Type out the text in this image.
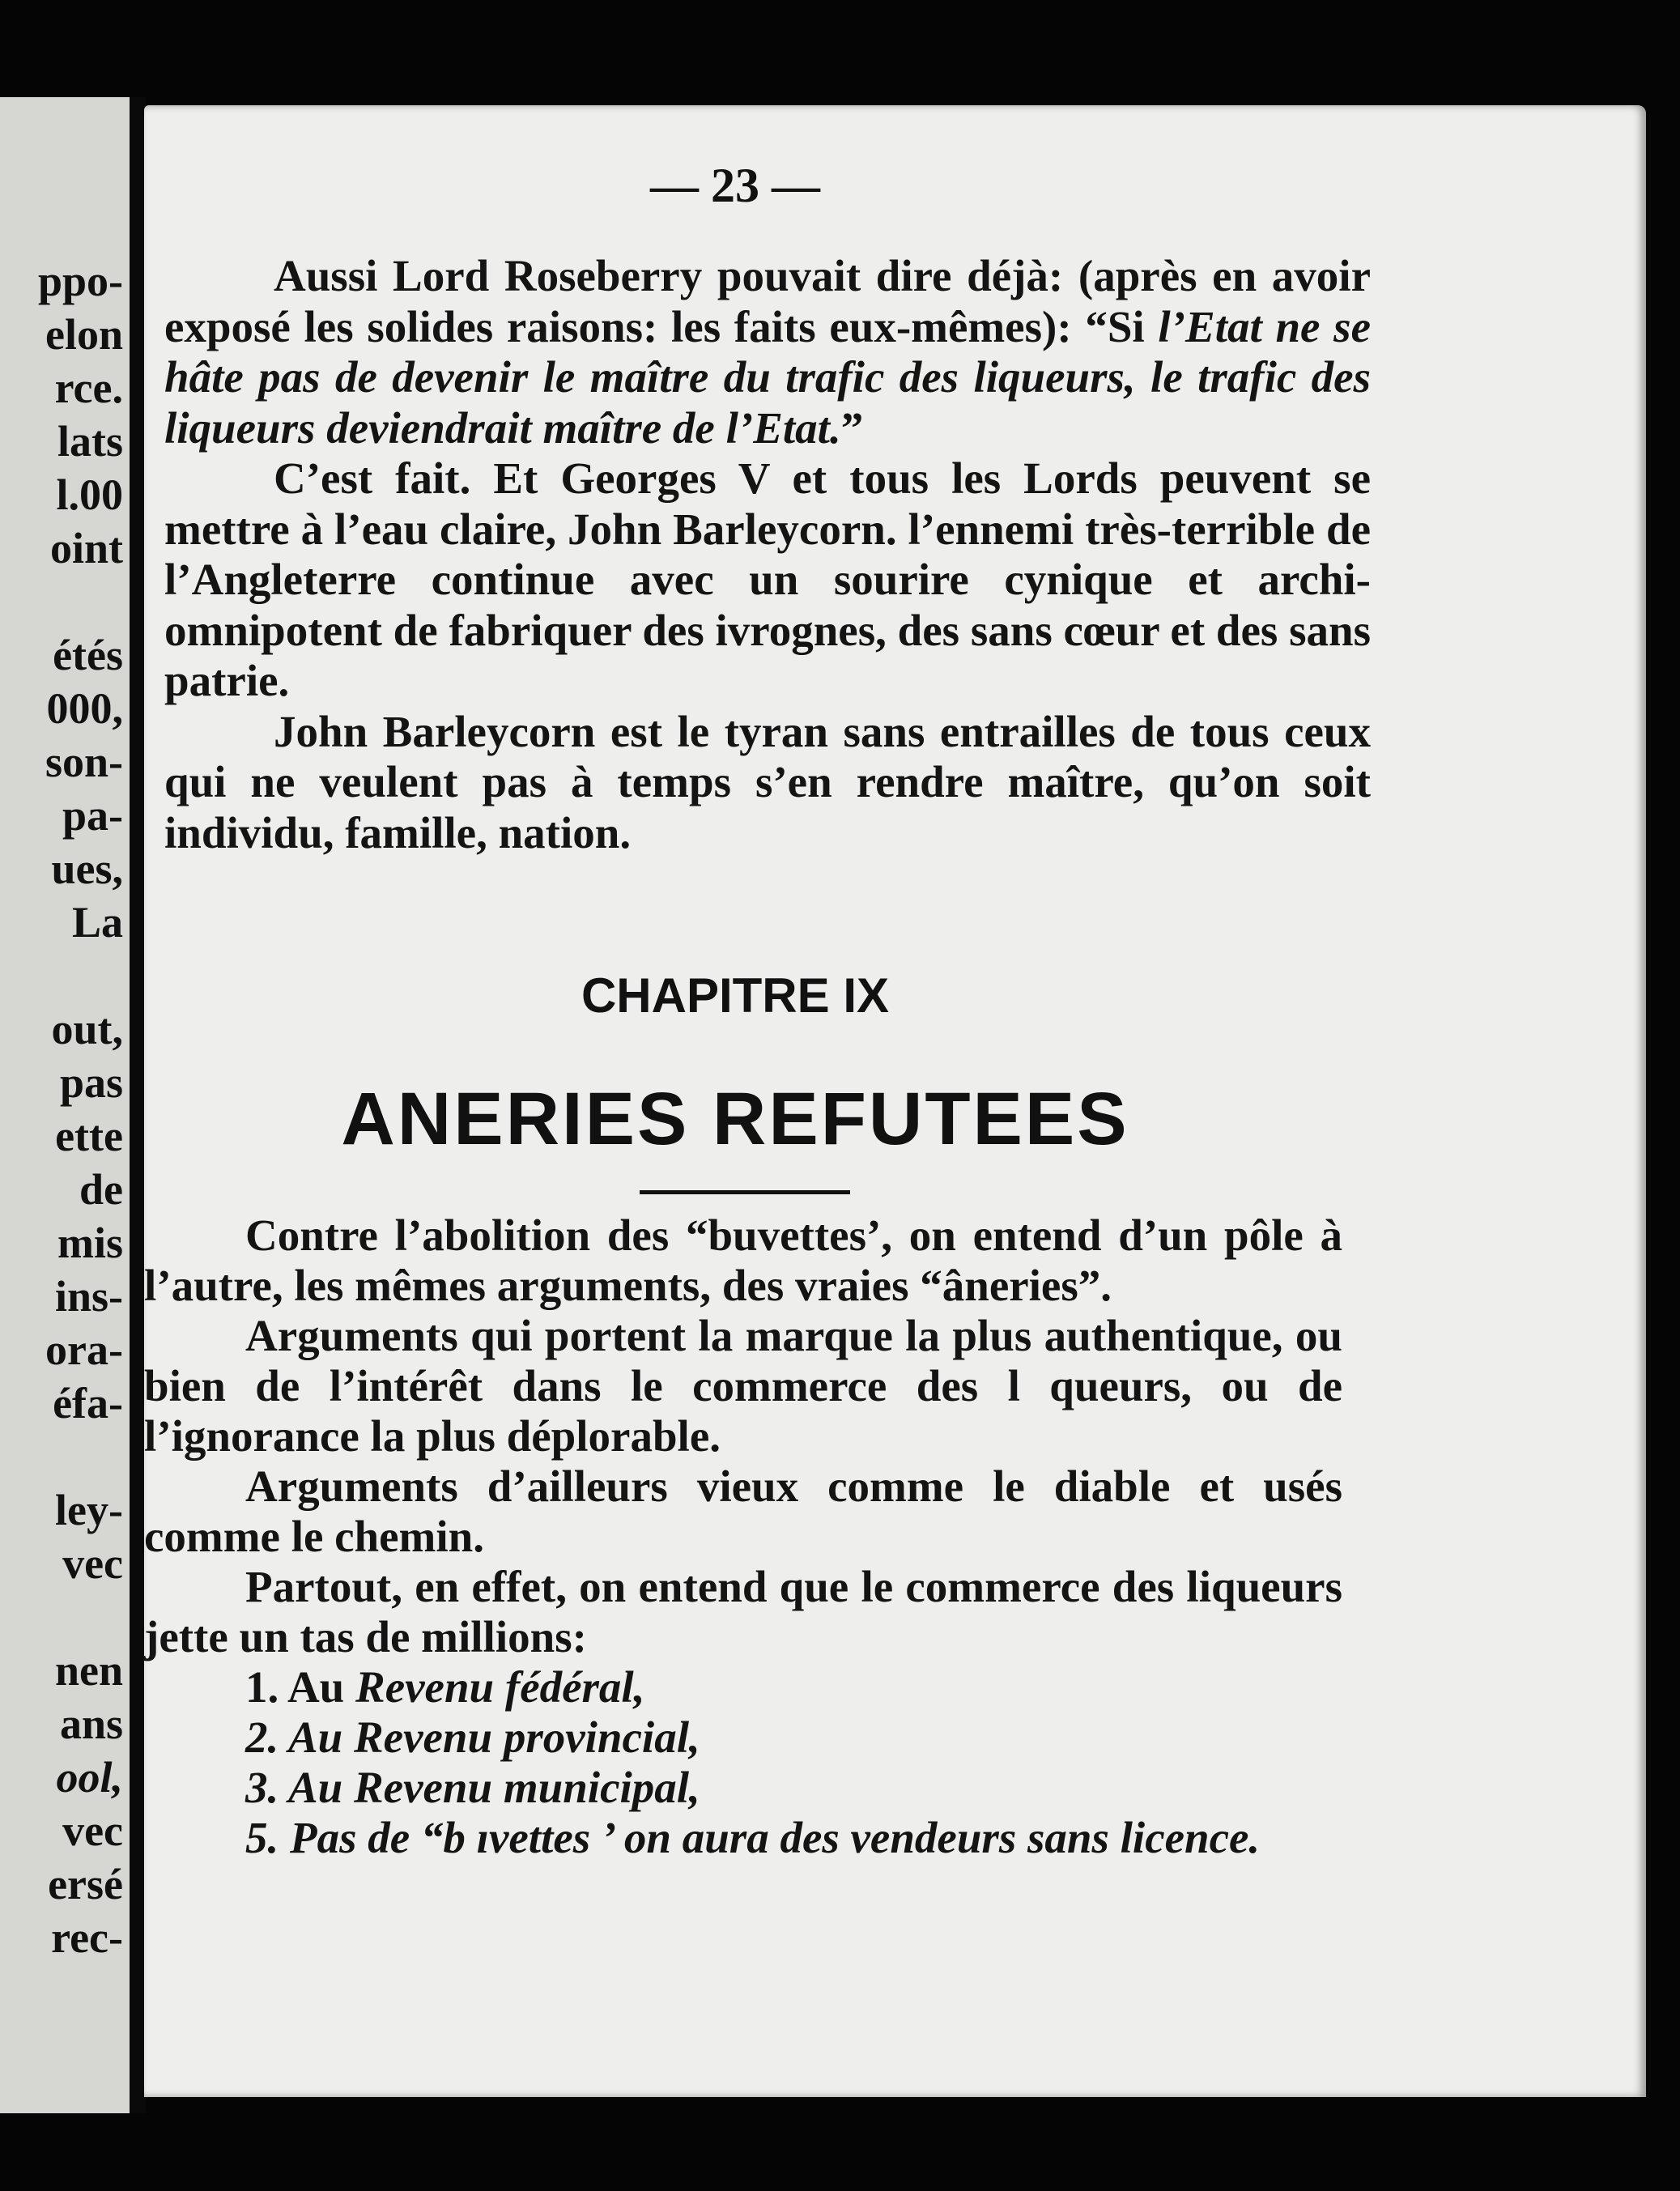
ppo-
elon
rce.
lats
l.00
oint
étés
000,
son-
pa-
ues,
La
out,
pas
ette
de
mis
ins-
ora-
éfa-
ley-
vec
nen
ans
ool,
vec
ersé
rec-
— 23 —

Aussi Lord Roseberry pouvait dire déjà: (après en avoir exposé les solides raisons: les faits eux-mêmes): “Si l’Etat ne se hâte pas de devenir le maître du trafic des liqueurs, le trafic des liqueurs deviendrait maître de l’Etat.”

C’est fait. Et Georges V et tous les Lords peuvent se mettre à l’eau claire, John Barleycorn. l’ennemi très-terrible de l’Angleterre continue avec un sourire cynique et archi-omnipotent de fabriquer des ivrognes, des sans cœur et des sans patrie.

John Barleycorn est le tyran sans entrailles de tous ceux qui ne veulent pas à temps s’en rendre maître, qu’on soit individu, famille, nation.

CHAPITRE IX
ANERIES REFUTEES

Contre l’abolition des “buvettes’, on entend d’un pôle à l’autre, les mêmes arguments, des vraies “âneries”.

Arguments qui portent la marque la plus authentique, ou bien de l’intérêt dans le commerce des l queurs, ou de l’ignorance la plus déplorable.

Arguments d’ailleurs vieux comme le diable et usés comme le chemin.

Partout, en effet, on entend que le commerce des liqueurs jette un tas de millions:

1. Au Revenu fédéral,

2. Au Revenu provincial,

3. Au Revenu municipal,

5. Pas de “b ıvettes ’ on aura des vendeurs sans licence.
